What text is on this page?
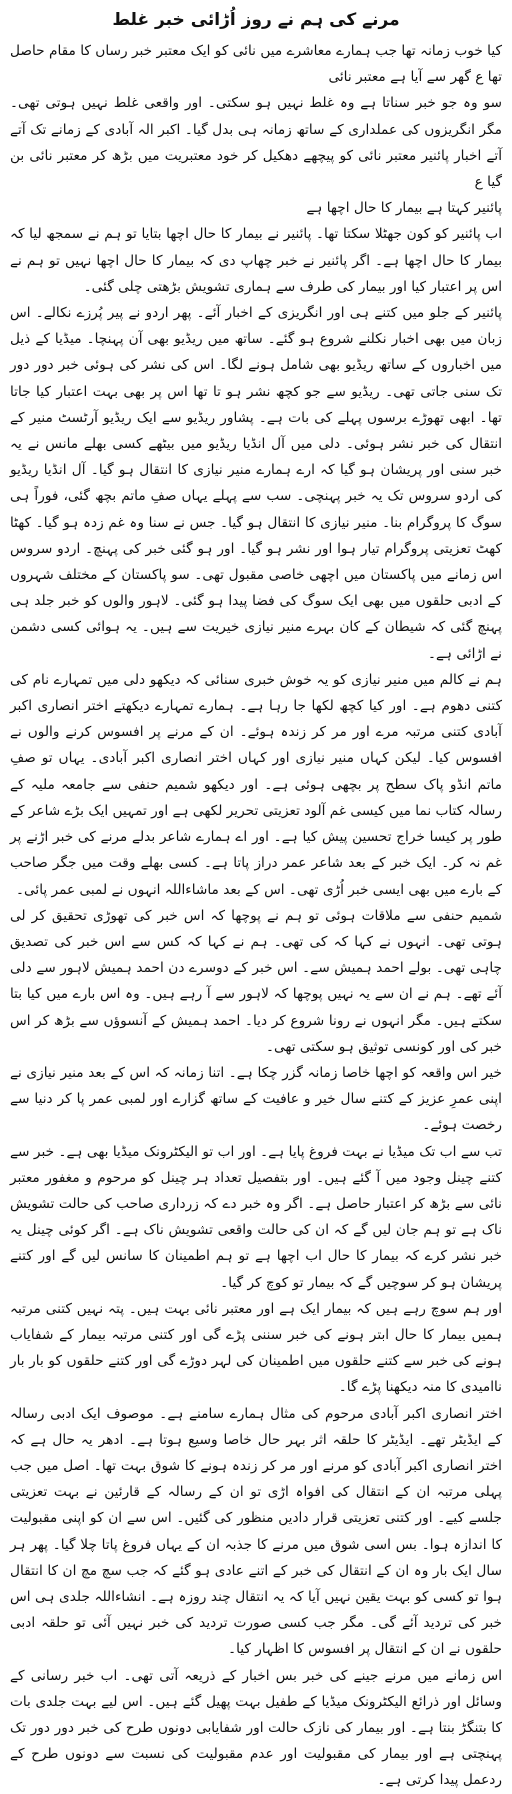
مرنے کی ہم نے روز اُڑائی خبر غلط

کیا خوب زمانہ تھا جب ہمارے معاشرے میں نائی کو ایک معتبر خبر رساں کا مقام حاصل تھا ع گھر سے آیا ہے معتبر نائی

سو وہ جو خبر سناتا ہے وہ غلط نہیں ہو سکتی۔ اور واقعی غلط نہیں ہوتی تھی۔ مگر انگریزوں کی عملداری کے ساتھ زمانہ ہی بدل گیا۔ اکبر الہ آبادی کے زمانے تک آتے آتے اخبار پائنیر معتبر نائی کو پیچھے دھکیل کر خود معتبریت میں بڑھ کر معتبر نائی بن گیا ع

پائنیر کہتا ہے بیمار کا حال اچھا ہے

اب پائنیر کو کون جھٹلا سکتا تھا۔ پائنیر نے بیمار کا حال اچھا بتایا تو ہم نے سمجھ لیا کہ بیمار کا حال اچھا ہے۔ اگر پائنیر نے خبر چھاپ دی کہ بیمار کا حال اچھا نہیں تو ہم نے اس پر اعتبار کیا اور بیمار کی طرف سے ہماری تشویش بڑھتی چلی گئی۔

پائنیر کے جلو میں کتنے ہی اور انگریزی کے اخبار آئے۔ پھر اردو نے پیر پُرزے نکالے۔ اس زبان میں بھی اخبار نکلنے شروع ہو گئے۔ ساتھ میں ریڈیو بھی آن پہنچا۔ میڈیا کے ذیل میں اخباروں کے ساتھ ریڈیو بھی شامل ہونے لگا۔ اس کی نشر کی ہوئی خبر دور دور تک سنی جاتی تھی۔ ریڈیو سے جو کچھ نشر ہو تا تھا اس پر بھی بہت اعتبار کیا جاتا تھا۔ ابھی تھوڑے برسوں پہلے کی بات ہے۔ پشاور ریڈیو سے ایک ریڈیو آرٹسٹ منیر کے انتقال کی خبر نشر ہوئی۔ دلی میں آل انڈیا ریڈیو میں بیٹھے کسی بھلے مانس نے یہ خبر سنی اور پریشان ہو گیا کہ ارے ہمارے منیر نیازی کا انتقال ہو گیا۔ آل انڈیا ریڈیو کی اردو سروس تک یہ خبر پہنچی۔ سب سے پہلے یہاں صفِ ماتم بچھ گئی، فوراً ہی سوگ کا پروگرام بنا۔ منیر نیازی کا انتقال ہو گیا۔ جس نے سنا وہ غم زدہ ہو گیا۔ کھٹا کھٹ تعزیتی پروگرام تیار ہوا اور نشر ہو گیا۔ اور ہو گئی خبر کی پہنچ۔ اردو سروس اس زمانے میں پاکستان میں اچھی خاصی مقبول تھی۔ سو پاکستان کے مختلف شہروں کے ادبی حلقوں میں بھی ایک سوگ کی فضا پیدا ہو گئی۔ لاہور والوں کو خبر جلد ہی پہنچ گئی کہ شیطان کے کان بہرے منیر نیازی خیریت سے ہیں۔ یہ ہوائی کسی دشمن نے اڑائی ہے۔

ہم نے کالم میں منیر نیازی کو یہ خوش خبری سنائی کہ دیکھو دلی میں تمہارے نام کی کتنی دھوم ہے۔ اور کیا کچھ لکھا جا رہا ہے۔ ہمارے تمہارے دیکھتے اختر انصاری اکبر آبادی کتنی مرتبہ مرے اور مر کر زندہ ہوئے۔ ان کے مرنے پر افسوس کرنے والوں نے افسوس کیا۔ لیکن کہاں منیر نیازی اور کہاں اختر انصاری اکبر آبادی۔ یہاں تو صفِ ماتم انڈو پاک سطح پر بچھی ہوئی ہے۔ اور دیکھو شمیم حنفی سے جامعہ ملیہ کے رسالہ کتاب نما میں کیسی غم آلود تعزیتی تحریر لکھی ہے اور تمہیں ایک بڑے شاعر کے طور پر کیسا خراج تحسین پیش کیا ہے۔ اور اے ہمارے شاعر بدلے مرنے کی خبر اڑنے پر غم نہ کر۔ ایک خبر کے بعد شاعر عمر دراز پاتا ہے۔ کسی بھلے وقت میں جگر صاحب کے بارے میں بھی ایسی خبر اُڑی تھی۔ اس کے بعد ماشاءاللہ انہوں نے لمبی عمر پائی۔

شمیم حنفی سے ملاقات ہوئی تو ہم نے پوچھا کہ اس خبر کی تھوڑی تحقیق کر لی ہوتی تھی۔ انہوں نے کہا کہ کی تھی۔ ہم نے کہا کہ کس سے اس خبر کی تصدیق چاہی تھی۔ بولے احمد ہمیش سے۔ اس خبر کے دوسرے دن احمد ہمیش لاہور سے دلی آئے تھے۔ ہم نے ان سے یہ نہیں پوچھا کہ لاہور سے آ رہے ہیں۔ وہ اس بارے میں کیا بتا سکتے ہیں۔ مگر انہوں نے رونا شروع کر دیا۔ احمد ہمیش کے آنسوؤں سے بڑھ کر اس خبر کی اور کونسی توثیق ہو سکتی تھی۔

خیر اس واقعہ کو اچھا خاصا زمانہ گزر چکا ہے۔ اتنا زمانہ کہ اس کے بعد منیر نیازی نے اپنی عمرِ عزیز کے کتنے سال خیر و عافیت کے ساتھ گزارے اور لمبی عمر پا کر دنیا سے رخصت ہوئے۔

تب سے اب تک میڈیا نے بہت فروغ پایا ہے۔ اور اب تو الیکٹرونک میڈیا بھی ہے۔ خبر سے کتنے چینل وجود میں آ گئے ہیں۔ اور بتفصیل تعداد ہر چینل کو مرحوم و مغفور معتبر نائی سے بڑھ کر اعتبار حاصل ہے۔ اگر وہ خبر دے کہ زرداری صاحب کی حالت تشویش ناک ہے تو ہم جان لیں گے کہ ان کی حالت واقعی تشویش ناک ہے۔ اگر کوئی چینل یہ خبر نشر کرے کہ بیمار کا حال اب اچھا ہے تو ہم اطمینان کا سانس لیں گے اور کتنے پریشان ہو کر سوچیں گے کہ بیمار تو کوچ کر گیا۔

اور ہم سوچ رہے ہیں کہ بیمار ایک ہے اور معتبر نائی بہت ہیں۔ پتہ نہیں کتنی مرتبہ ہمیں بیمار کا حال ابتر ہونے کی خبر سننی پڑے گی اور کتنی مرتبہ بیمار کے شفایاب ہونے کی خبر سے کتنے حلقوں میں اطمینان کی لہر دوڑے گی اور کتنے حلقوں کو بار بار ناامیدی کا منہ دیکھنا پڑے گا۔

اختر انصاری اکبر آبادی مرحوم کی مثال ہمارے سامنے ہے۔ موصوف ایک ادبی رسالہ کے ایڈیٹر تھے۔ ایڈیٹر کا حلقہ اثر بہر حال خاصا وسیع ہوتا ہے۔ ادھر یہ حال ہے کہ اختر انصاری اکبر آبادی کو مرنے اور مر کر زندہ ہونے کا شوق بہت تھا۔ اصل میں جب پہلی مرتبہ ان کے انتقال کی افواہ اڑی تو ان کے رسالہ کے قارئین نے بہت تعزیتی جلسے کیے۔ اور کتنی تعزیتی قرار دادیں منظور کی گئیں۔ اس سے ان کو اپنی مقبولیت کا اندازہ ہوا۔ بس اسی شوق میں مرنے کا جذبہ ان کے یہاں فروغ پاتا چلا گیا۔ پھر ہر سال ایک بار وہ ان کے انتقال کی خبر کے اتنے عادی ہو گئے کہ جب سچ مچ ان کا انتقال ہوا تو کسی کو بہت یقین نہیں آیا کہ یہ انتقال چند روزہ ہے۔ انشاءاللہ جلدی ہی اس خبر کی تردید آئے گی۔ مگر جب کسی صورت تردید کی خبر نہیں آئی تو حلقہ ادبی حلقوں نے ان کے انتقال پر افسوس کا اظہار کیا۔

اس زمانے میں مرنے جینے کی خبر بس اخبار کے ذریعہ آتی تھی۔ اب خبر رسانی کے وسائل اور ذرائع الیکٹرونک میڈیا کے طفیل بہت پھیل گئے ہیں۔ اس لیے بہت جلدی بات کا بتنگڑ بنتا ہے۔ اور بیمار کی نازک حالت اور شفایابی دونوں طرح کی خبر دور دور تک پہنچتی ہے اور بیمار کی مقبولیت اور عدم مقبولیت کی نسبت سے دونوں طرح کے ردعمل پیدا کرتی ہے۔
